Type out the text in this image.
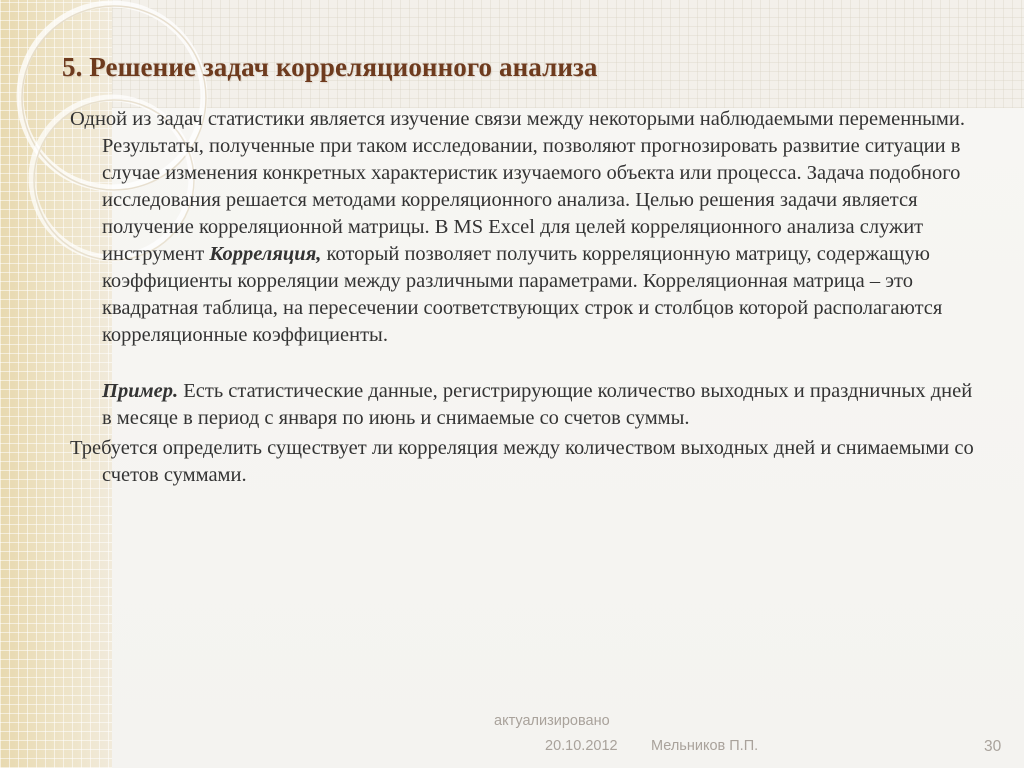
5. Решение задач корреляционного анализа

Одной из задач статистики является изучение связи между некоторыми наблюдаемыми переменными. Результаты, полученные при таком исследовании, позволяют прогнозировать развитие ситуации в случае изменения конкретных характеристик изучаемого объекта или процесса. Задача подобного исследования решается методами корреляционного анализа. Целью решения задачи является получение корреляционной матрицы. В MS Excel для целей корреляционного анализа служит инструмент Корреляция, который позволяет получить корреляционную матрицу, содержащую коэффициенты корреляции между различными параметрами. Корреляционная матрица – это квадратная таблица, на пересечении соответствующих строк и столбцов которой располагаются корреляционные коэффициенты.

Пример. Есть статистические данные, регистрирующие количество выходных и праздничных дней в месяце в период с января по июнь и снимаемые со счетов суммы.

Требуется определить существует ли корреляция между количеством выходных дней и снимаемыми со счетов суммами.

актуализировано
20.10.2012 Мельников П.П.	30
